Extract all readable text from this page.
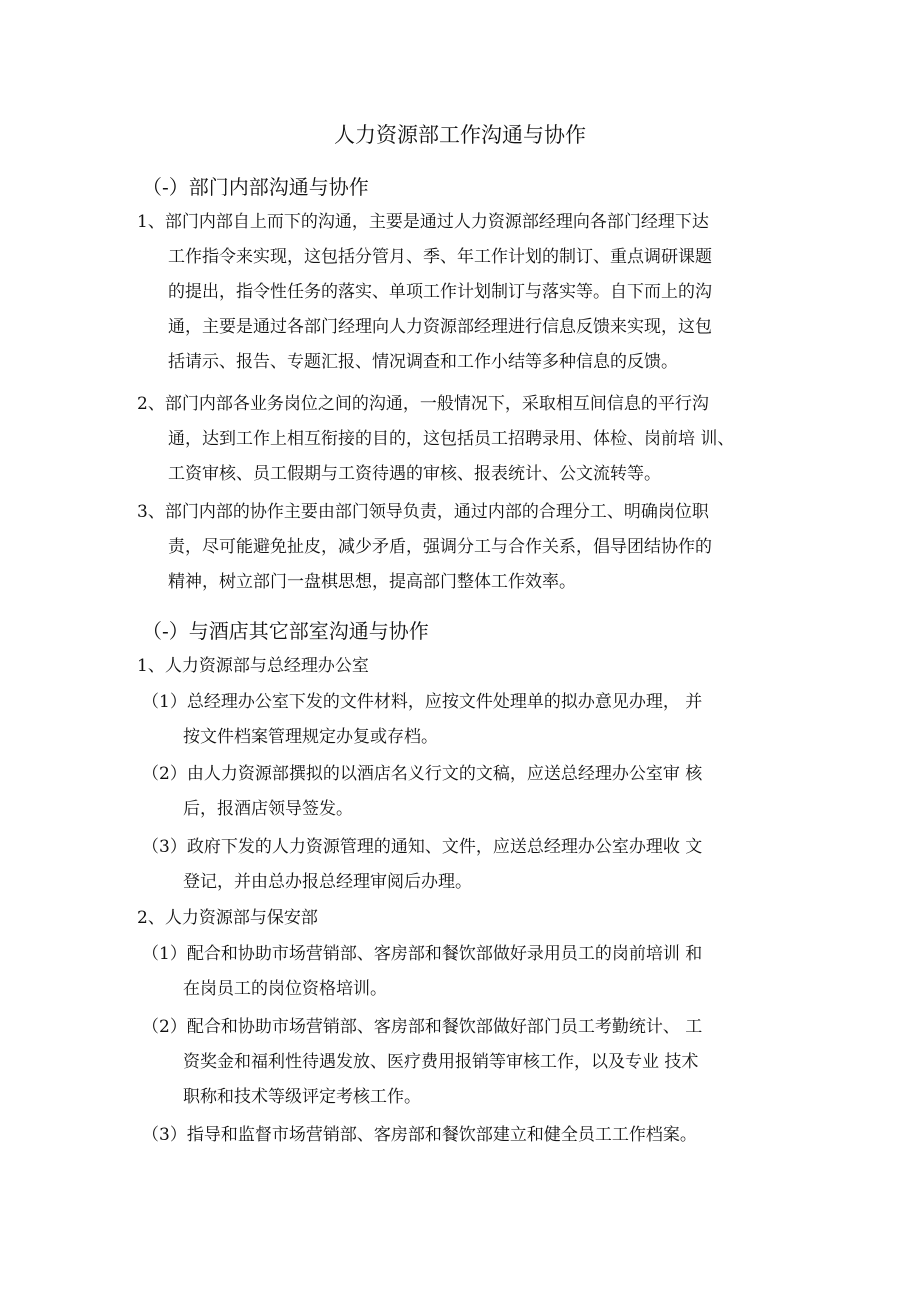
人力资源部工作沟通与协作
（-）部门内部沟通与协作
1、部门内部自上而下的沟通，主要是通过人力资源部经理向各部门经理下达
工作指令来实现，这包括分管月、季、年工作计划的制订、重点调研课题
的提出，指令性任务的落实、单项工作计划制订与落实等。自下而上的沟
通，主要是通过各部门经理向人力资源部经理进行信息反馈来实现，这包
括请示、报告、专题汇报、情况调查和工作小结等多种信息的反馈。
2、部门内部各业务岗位之间的沟通，一般情况下，采取相互间信息的平行沟
通，达到工作上相互衔接的目的，这包括员工招聘录用、体检、岗前培 训、
工资审核、员工假期与工资待遇的审核、报表统计、公文流转等。
3、部门内部的协作主要由部门领导负责，通过内部的合理分工、明确岗位职
责，尽可能避免扯皮，减少矛盾，强调分工与合作关系，倡导团结协作的
精神，树立部门一盘棋思想，提高部门整体工作效率。
（-）与酒店其它部室沟通与协作
1、人力资源部与总经理办公室
（1）总经理办公室下发的文件材料，应按文件处理单的拟办意见办理， 并
按文件档案管理规定办复或存档。
（2）由人力资源部撰拟的以酒店名义行文的文稿，应送总经理办公室审 核
后，报酒店领导签发。
（3）政府下发的人力资源管理的通知、文件，应送总经理办公室办理收 文
登记，并由总办报总经理审阅后办理。
2、人力资源部与保安部
（1）配合和协助市场营销部、客房部和餐饮部做好录用员工的岗前培训 和
在岗员工的岗位资格培训。
（2）配合和协助市场营销部、客房部和餐饮部做好部门员工考勤统计、 工
资奖金和福利性待遇发放、医疗费用报销等审核工作，以及专业 技术
职称和技术等级评定考核工作。
（3）指导和监督市场营销部、客房部和餐饮部建立和健全员工工作档案。
